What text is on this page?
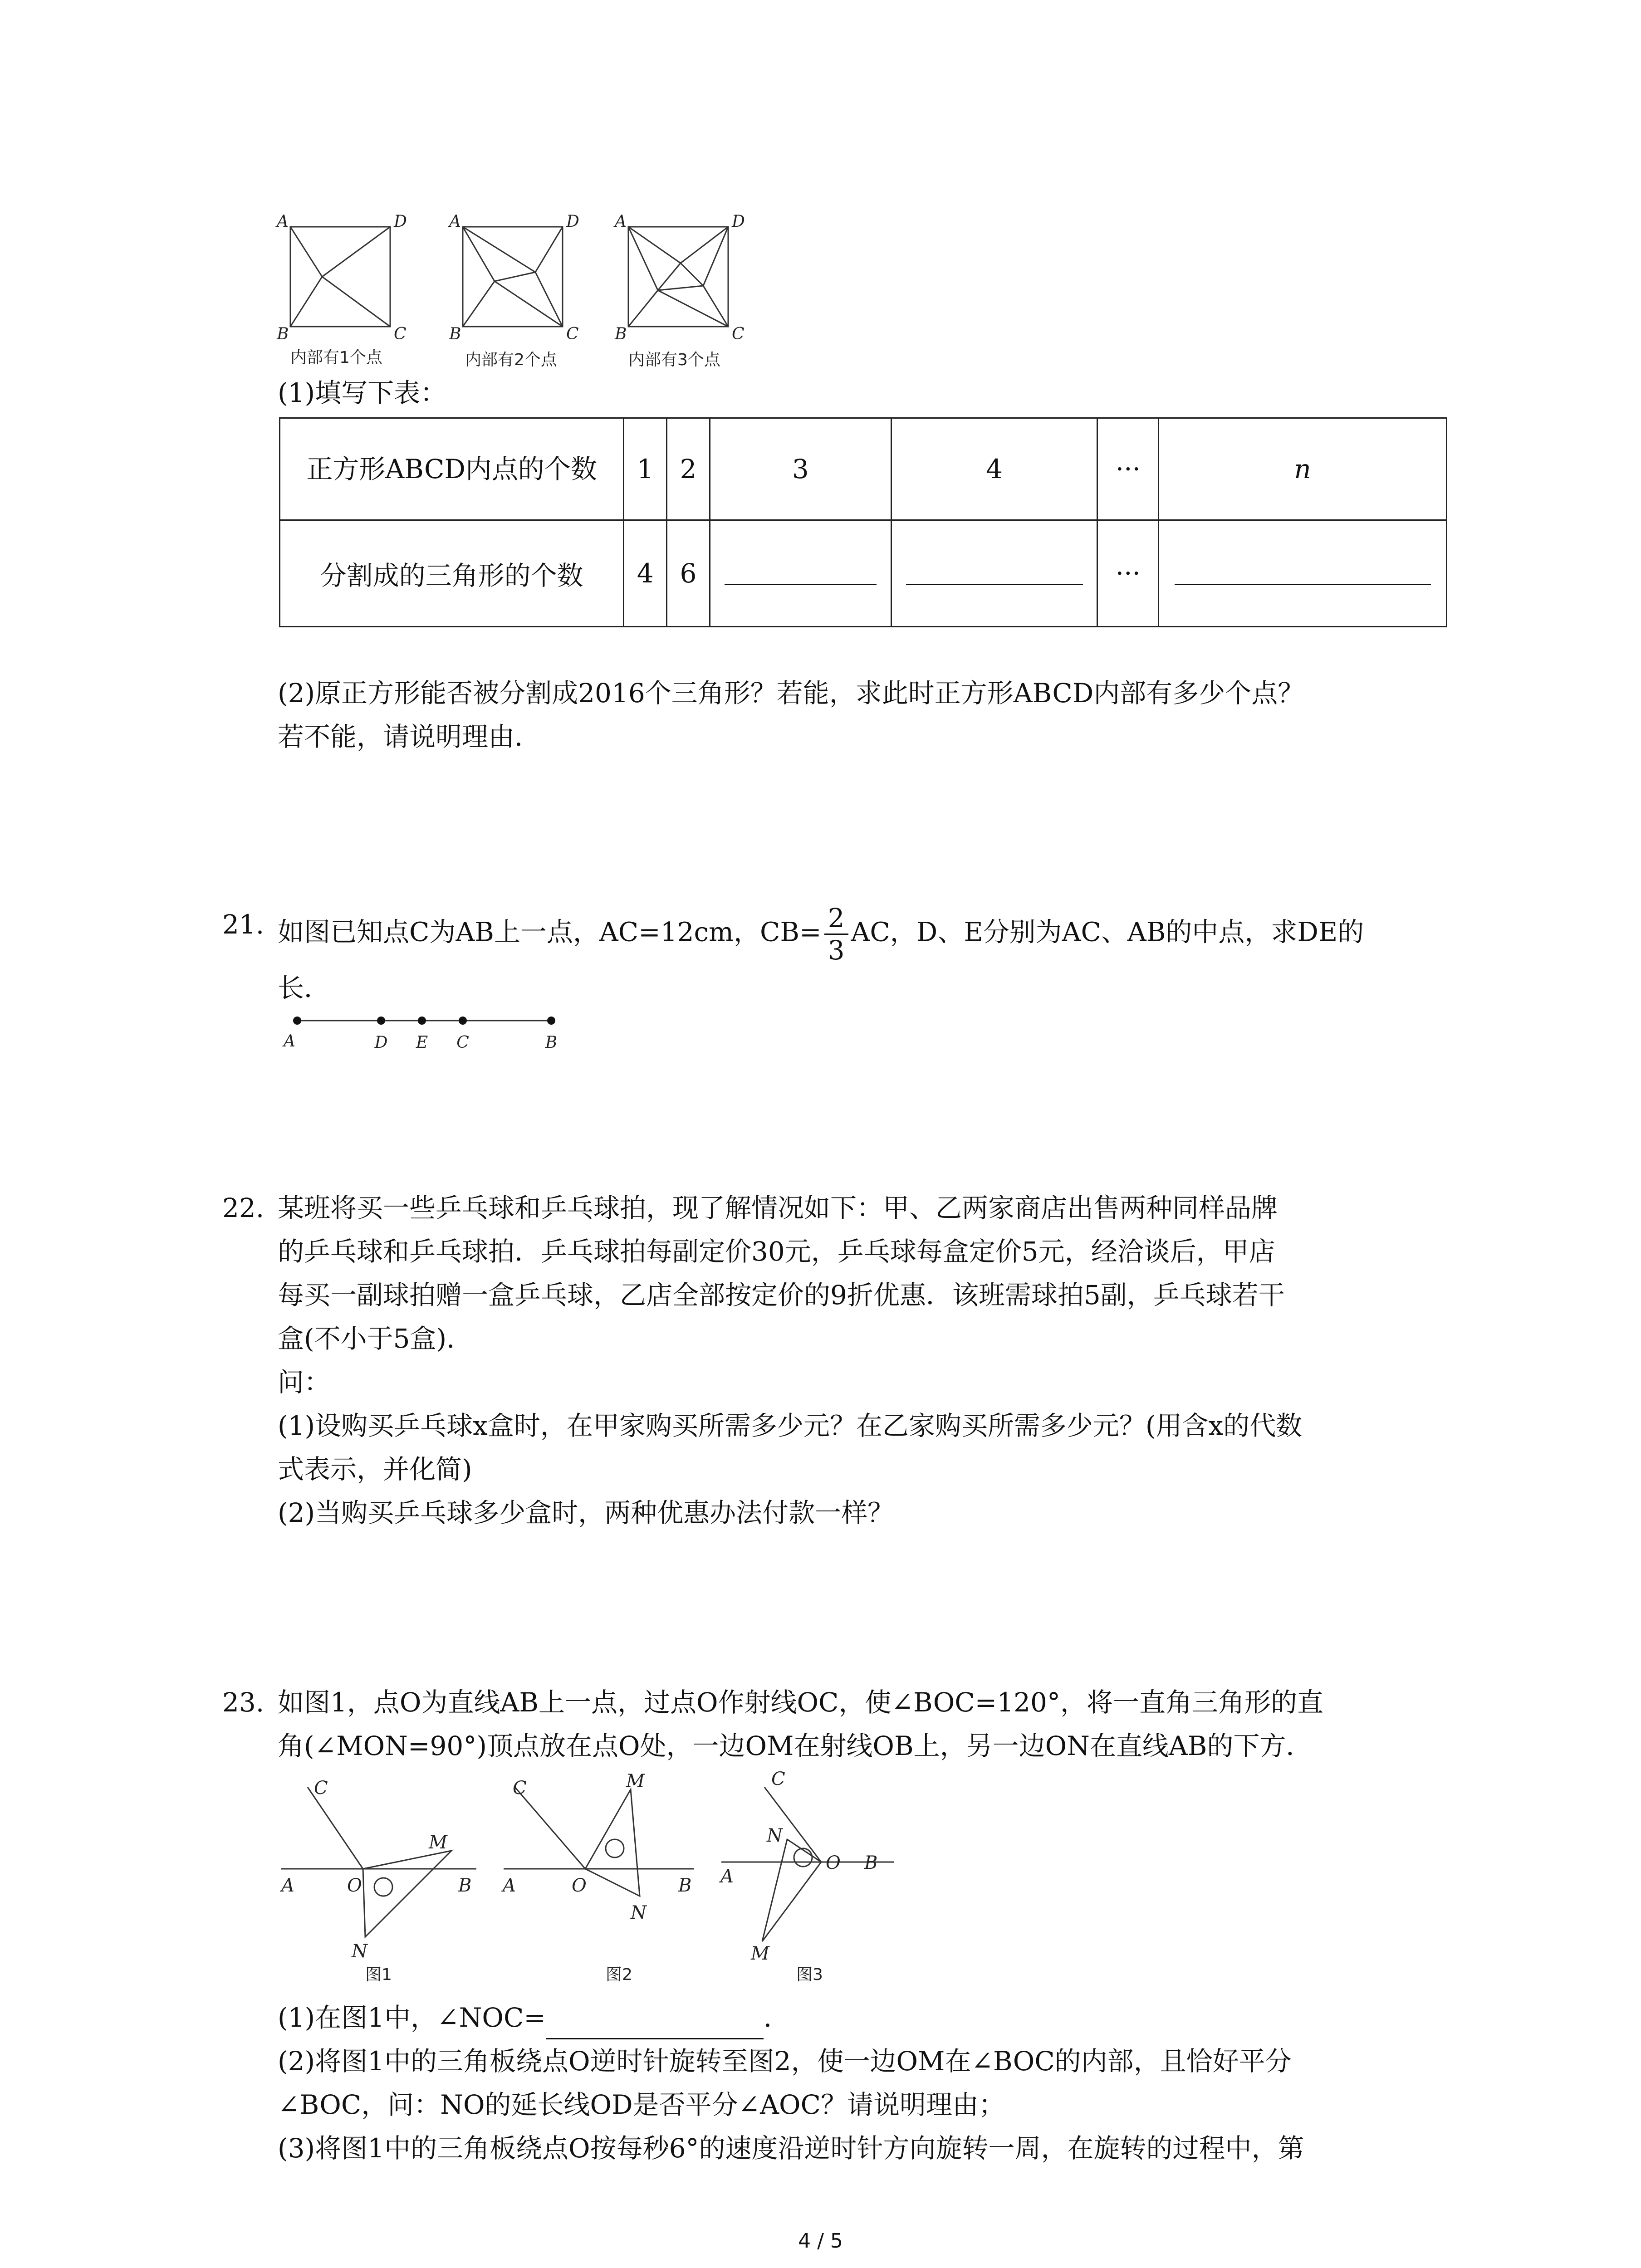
A	D
B	C
A	D
B	C
A	D
B	C
内部有1个点	内部有2个点	内部有3个点
(1)填写下表：
正方形ABCD内点的个数	1	2	3	4	···	n
分割成的三角形的个数	4	6			···	
(2)原正方形能否被分割成2016个三角形？若能，求此时正方形ABCD内部有多少个点？
若不能，请说明理由．
21. 如图已知点C为AB上一点，AC=12cm，$CB= \frac{2}{3}$ AC，D、E分别为AC、AB的中点，求DE的
长．
A	D E C	B
22. 某班将买一些乒乓球和乒乓球拍，现了解情况如下：甲、乙两家商店出售两种同样品牌
的乒乓球和乒乓球拍．乒乓球拍每副定价30元，乒乓球每盒定价5元，经洽谈后，甲店
每买一副球拍赠一盒乒乓球，乙店全部按定价的9折优惠．该班需球拍5副，乒乓球若干
盒(不小于5盒)．
问：
(1)设购买乒乓球x盒时，在甲家购买所需多少元？在乙家购买所需多少元？(用含x的代数
式表示，并化简)
(2)当购买乒乓球多少盒时，两种优惠办法付款一样？
23. 如图1，点O为直线AB上一点，过点O作射线OC，使∠BOC=120°，将一直角三角形的直
角(∠MON=90°)顶点放在点O处，一边OM在射线OB上，另一边ON在直线AB的下方．
C
M
A	O	B
N
图1
C	M
A	O	B
N
图2
C
N
A
O B
M
图3
(1)在图1中，∠NOC=	．
(2)将图1中的三角板绕点O逆时针旋转至图2，使一边OM在∠BOC的内部，且恰好平分
∠BOC，问：NO的延长线OD是否平分∠AOC？请说明理由；
(3)将图1中的三角板绕点O按每秒6°的速度沿逆时针方向旋转一周，在旋转的过程中，第
4 / 5
